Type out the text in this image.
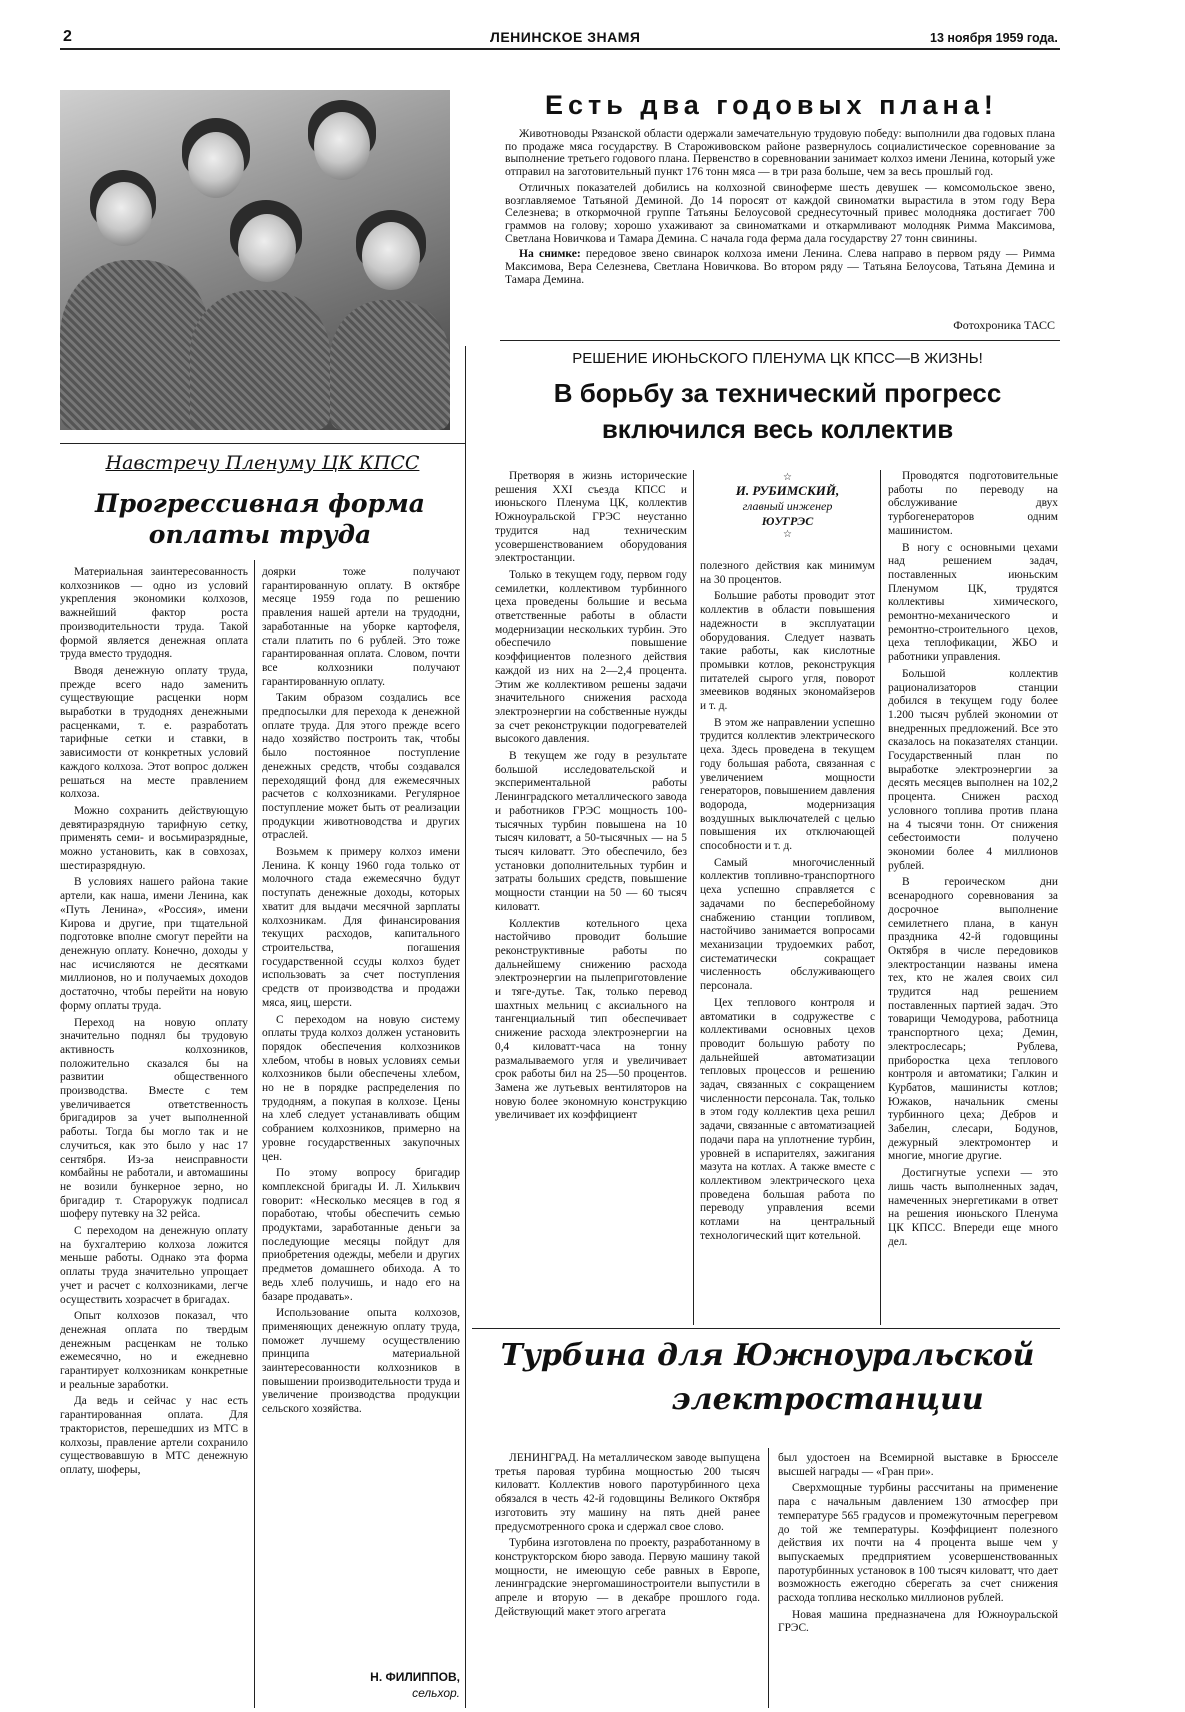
2	ЛЕНИНСКОЕ ЗНАМЯ	13 ноября 1959 года.
Есть два годовых плана!

Животноводы Рязанской области одержали замечательную трудовую победу: выполнили два годовых плана по продаже мяса государству. В Староживовском районе развернулось социалистическое соревнование за выполнение третьего годового плана. Первенство в соревновании занимает колхоз имени Ленина, который уже отправил на заготовительный пункт 176 тонн мяса — в три раза больше, чем за весь прошлый год.

Отличных показателей добились на колхозной свиноферме шесть девушек — комсомольское звено, возглавляемое Татьяной Деминой. До 14 поросят от каждой свиноматки вырастила в этом году Вера Селезнева; в откормочной группе Татьяны Белоусовой среднесуточный привес молодняка достигает 700 граммов на голову; хорошо ухаживают за свиноматками и откармливают молодняк Римма Максимова, Светлана Новичкова и Тамара Демина. С начала года ферма дала государству 27 тонн свинины.

На снимке: передовое звено свинарок колхоза имени Ленина. Слева направо в первом ряду — Римма Максимова, Вера Селезнева, Светлана Новичкова. Во втором ряду — Татьяна Белоусова, Татьяна Демина и Тамара Демина.

Фотохроника ТАСС
Навстречу Пленуму ЦК КПСС
Прогрессивная форма оплаты труда

Материальная заинтересованность колхозников — одно из условий укрепления экономики колхозов, важнейший фактор роста производительности труда. Такой формой является денежная оплата труда вместо трудодня.

Вводя денежную оплату труда, прежде всего надо заменить существующие расценки норм выработки в трудоднях денежными расценками, т. е. разработать тарифные сетки и ставки, в зависимости от конкретных условий каждого колхоза. Этот вопрос должен решаться на месте правлением колхоза.

Можно сохранить действующую девятиразрядную тарифную сетку, применять семи- и восьмиразрядные, можно установить, как в совхозах, шестиразрядную.

В условиях нашего района такие артели, как наша, имени Ленина, как «Путь Ленина», «Россия», имени Кирова и другие, при тщательной подготовке вполне смогут перейти на денежную оплату. Конечно, доходы у нас исчисляются не десятками миллионов, но и получаемых доходов достаточно, чтобы перейти на новую форму оплаты труда.

Переход на новую оплату значительно поднял бы трудовую активность колхозников, положительно сказался бы на развитии общественного производства. Вместе с тем увеличивается ответственность бригадиров за учет выполненной работы. Тогда бы могло так и не случиться, как это было у нас 17 сентября. Из-за неисправности комбайны не работали, и автомашины не возили бункерное зерно, но бригадир т. Староружук подписал шоферу путевку на 32 рейса.

С переходом на денежную оплату на бухгалтерию колхоза ложится меньше работы. Однако эта форма оплаты труда значительно упрощает учет и расчет с колхозниками, легче осуществить хозрасчет в бригадах.

Опыт колхозов показал, что денежная оплата по твердым денежным расценкам не только ежемесячно, но и ежедневно гарантирует колхозникам конкретные и реальные заработки.

Да ведь и сейчас у нас есть гарантированная оплата. Для трактористов, перешедших из МТС в колхозы, правление артели сохранило существовавшую в МТС денежную оплату, шоферы,

доярки тоже получают гарантированную оплату. В октябре месяце 1959 года по решению правления нашей артели на трудодни, заработанные на уборке картофеля, стали платить по 6 рублей. Это тоже гарантированная оплата. Словом, почти все колхозники получают гарантированную оплату.

Таким образом создались все предпосылки для перехода к денежной оплате труда. Для этого прежде всего надо хозяйство построить так, чтобы было постоянное поступление денежных средств, чтобы создавался переходящий фонд для ежемесячных расчетов с колхозниками. Регулярное поступление может быть от реализации продукции животноводства и других отраслей.

Возьмем к примеру колхоз имени Ленина. К концу 1960 года только от молочного стада ежемесячно будут поступать денежные доходы, которых хватит для выдачи месячной зарплаты колхозникам. Для финансирования текущих расходов, капитального строительства, погашения государственной ссуды колхоз будет использовать за счет поступления средств от производства и продажи мяса, яиц, шерсти.

С переходом на новую систему оплаты труда колхоз должен установить порядок обеспечения колхозников хлебом, чтобы в новых условиях семьи колхозников были обеспечены хлебом, но не в порядке распределения по трудодням, а покупая в колхозе. Цены на хлеб следует устанавливать общим собранием колхозников, примерно на уровне государственных закупочных цен.

По этому вопросу бригадир комплексной бригады И. Л. Хильквич говорит: «Несколько месяцев в год я поработаю, чтобы обеспечить семью продуктами, заработанные деньги за последующие месяцы пойдут для приобретения одежды, мебели и других предметов домашнего обихода. А то ведь хлеб получишь, и надо его на базаре продавать».

Использование опыта колхозов, применяющих денежную оплату труда, поможет лучшему осуществлению принципа материальной заинтересованности колхозников в повышении производительности труда и увеличение производства продукции сельского хозяйства.

Н. ФИЛИППОВ,
сельхор.
РЕШЕНИЕ ИЮНЬСКОГО ПЛЕНУМА ЦК КПСС—В ЖИЗНЬ!
В борьбу за технический прогресс
включился весь коллектив

Претворяя в жизнь исторические решения XXI съезда КПСС и июньского Пленума ЦК, коллектив Южноуральской ГРЭС неустанно трудится над техническим усовершенствованием оборудования электростанции.

Только в текущем году, первом году семилетки, коллективом турбинного цеха проведены большие и весьма ответственные работы в области модернизации нескольких турбин. Это обеспечило повышение коэффициентов полезного действия каждой из них на 2—2,4 процента. Этим же коллективом решены задачи значительного снижения расхода электроэнергии на собственные нужды за счет реконструкции подогревателей высокого давления.

В текущем же году в результате большой исследовательской и экспериментальной работы Ленинградского металлического завода и работников ГРЭС мощность 100-тысячных турбин повышена на 10 тысяч киловатт, а 50-тысячных — на 5 тысяч киловатт. Это обеспечило, без установки дополнительных турбин и затраты больших средств, повышение мощности станции на 50 — 60 тысяч киловатт.

Коллектив котельного цеха настойчиво проводит большие реконструктивные работы по дальнейшему снижению расхода электроэнергии на пылеприготовление и тяге-дутье. Так, только перевод шахтных мельниц с аксиального на тангенциальный тип обеспечивает снижение расхода электроэнергии на 0,4 киловатт-часа на тонну размалываемого угля и увеличивает срок работы бил на 25—50 процентов. Замена же лутьевых вентиляторов на новую более экономную конструкцию увеличивает их коэффициент

☆
И. РУБИМСКИЙ,
главный инженер
ЮУГРЭС
☆

полезного действия как минимум на 30 процентов.

Большие работы проводит этот коллектив в области повышения надежности в эксплуатации оборудования. Следует назвать такие работы, как кислотные промывки котлов, реконструкция питателей сырого угля, поворот змеевиков водяных экономайзеров и т. д.

В этом же направлении успешно трудится коллектив электрического цеха. Здесь проведена в текущем году большая работа, связанная с увеличением мощности генераторов, повышением давления водорода, модернизация воздушных выключателей с целью повышения их отключающей способности и т. д.

Самый многочисленный коллектив топливно-транспортного цеха успешно справляется с задачами по бесперебойному снабжению станции топливом, настойчиво занимается вопросами механизации трудоемких работ, систематически сокращает численность обслуживающего персонала.

Цех теплового контроля и автоматики в содружестве с коллективами основных цехов проводит большую работу по дальнейшей автоматизации тепловых процессов и решению задач, связанных с сокращением численности персонала. Так, только в этом году коллектив цеха решил задачи, связанные с автоматизацией подачи пара на уплотнение турбин, уровней в испарителях, зажигания мазута на котлах. А также вместе с коллективом электрического цеха проведена большая работа по переводу управления всеми котлами на центральный технологический щит котельной.

Проводятся подготовительные работы по переводу на обслуживание двух турбогенераторов одним машинистом.

В ногу с основными цехами над решением задач, поставленных июньским Пленумом ЦК, трудятся коллективы химического, ремонтно-механического и ремонтно-строительного цехов, цеха теплофикации, ЖБО и работники управления.

Большой коллектив рационализаторов станции добился в текущем году более 1.200 тысяч рублей экономии от внедренных предложений. Все это сказалось на показателях станции. Государственный план по выработке электроэнергии за десять месяцев выполнен на 102,2 процента. Снижен расход условного топлива против плана на 4 тысячи тонн. От снижения себестоимости получено экономии более 4 миллионов рублей.

В героическом дни всенародного соревнования за досрочное выполнение семилетнего плана, в канун праздника 42-й годовщины Октября в числе передовиков электростанции названы имена тех, кто не жалея своих сил трудится над решением поставленных партией задач. Это товарищи Чемодурова, работница транспортного цеха; Демин, электрослесарь; Рублева, приборостка цеха теплового контроля и автоматики; Галкин и Курбатов, машинисты котлов; Южаков, начальник смены турбинного цеха; Дебров и Забелин, слесари, Бодунов, дежурный электромонтер и многие, многие другие.

Достигнутые успехи — это лишь часть выполненных задач, намеченных энергетиками в ответ на решения июньского Пленума ЦК КПСС. Впереди еще много дел.

Турбина для Южноуральской
электростанции

ЛЕНИНГРАД. На металлическом заводе выпущена третья паровая турбина мощностью 200 тысяч киловатт. Коллектив нового паротурбинного цеха обязался в честь 42-й годовщины Великого Октября изготовить эту машину на пять дней ранее предусмотренного срока и сдержал свое слово.

Турбина изготовлена по проекту, разработанному в конструкторском бюро завода. Первую машину такой мощности, не имеющую себе равных в Европе, ленинградские энергомашиностроители выпустили в апреле и вторую — в декабре прошлого года. Действующий макет этого агрегата

был удостоен на Всемирной выставке в Брюсселе высшей награды — «Гран при».

Сверхмощные турбины рассчитаны на применение пара с начальным давлением 130 атмосфер при температуре 565 градусов и промежуточным перегревом до той же температуры. Коэффициент полезного действия их почти на 4 процента выше чем у выпускаемых предприятием усовершенствованных паротурбинных установок в 100 тысяч киловатт, что дает возможность ежегодно сберегать за счет снижения расхода топлива несколько миллионов рублей.

Новая машина предназначена для Южноуральской ГРЭС.
